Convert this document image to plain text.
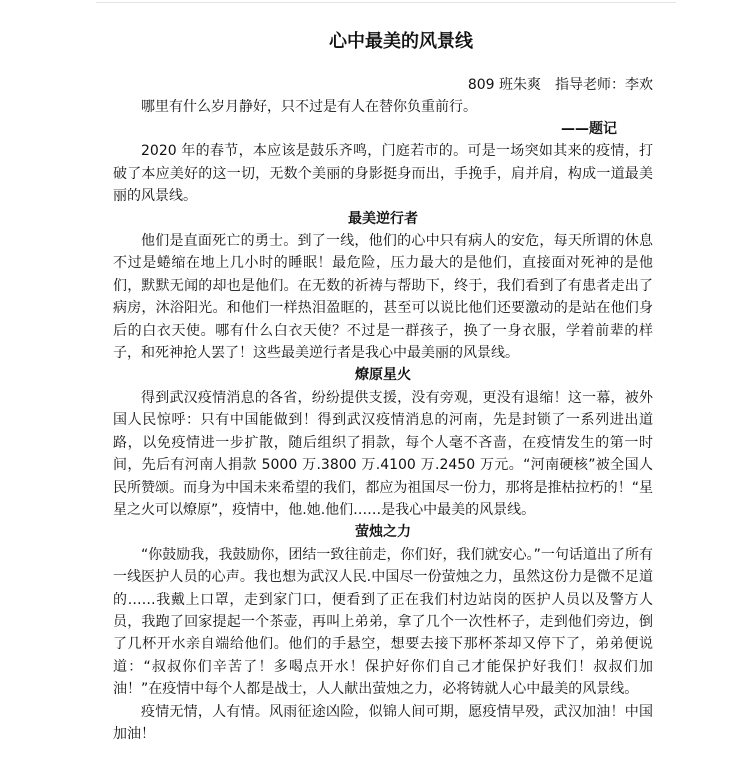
心中最美的风景线
809 班朱爽　指导老师：李欢

哪里有什么岁月静好，只不过是有人在替你负重前行。

——题记

2020 年的春节，本应该是鼓乐齐鸣，门庭若市的。可是一场突如其来的疫情，打破了本应美好的这一切，无数个美丽的身影挺身而出，手挽手，肩并肩，构成一道最美丽的风景线。

最美逆行者

他们是直面死亡的勇士。到了一线，他们的心中只有病人的安危，每天所谓的休息不过是蜷缩在地上几小时的睡眠！最危险，压力最大的是他们，直接面对死神的是他们，默默无闻的却也是他们。在无数的祈祷与帮助下，终于，我们看到了有患者走出了病房，沐浴阳光。和他们一样热泪盈眶的，甚至可以说比他们还要激动的是站在他们身后的白衣天使。哪有什么白衣天使？不过是一群孩子，换了一身衣服，学着前辈的样子，和死神抢人罢了！这些最美逆行者是我心中最美丽的风景线。

燎原星火

得到武汉疫情消息的各省，纷纷提供支援，没有旁观，更没有退缩！这一幕，被外国人民惊呼：只有中国能做到！得到武汉疫情消息的河南，先是封锁了一系列进出道路，以免疫情进一步扩散，随后组织了捐款，每个人毫不吝啬，在疫情发生的第一时间，先后有河南人捐款 5000 万.3800 万.4100 万.2450 万元。“河南硬核”被全国人民所赞颂。而身为中国未来希望的我们，都应为祖国尽一份力，那将是推枯拉朽的！“星星之火可以燎原”，疫情中，他.她.他们……是我心中最美的风景线。

萤烛之力

“你鼓励我，我鼓励你，团结一致往前走，你们好，我们就安心。”一句话道出了所有一线医护人员的心声。我也想为武汉人民.中国尽一份萤烛之力，虽然这份力是微不足道的……我戴上口罩，走到家门口，便看到了正在我们村边站岗的医护人员以及警方人员，我跑了回家提起一个茶壶，再叫上弟弟，拿了几个一次性杯子，走到他们旁边，倒了几杯开水亲自端给他们。他们的手悬空，想要去接下那杯茶却又停下了，弟弟便说道：“叔叔你们辛苦了！多喝点开水！保护好你们自己才能保护好我们！叔叔们加油！”在疫情中每个人都是战士，人人献出萤烛之力，必将铸就人心中最美的风景线。

疫情无情，人有情。风雨征途凶险，似锦人间可期，愿疫情早殁，武汉加油！中国加油！
